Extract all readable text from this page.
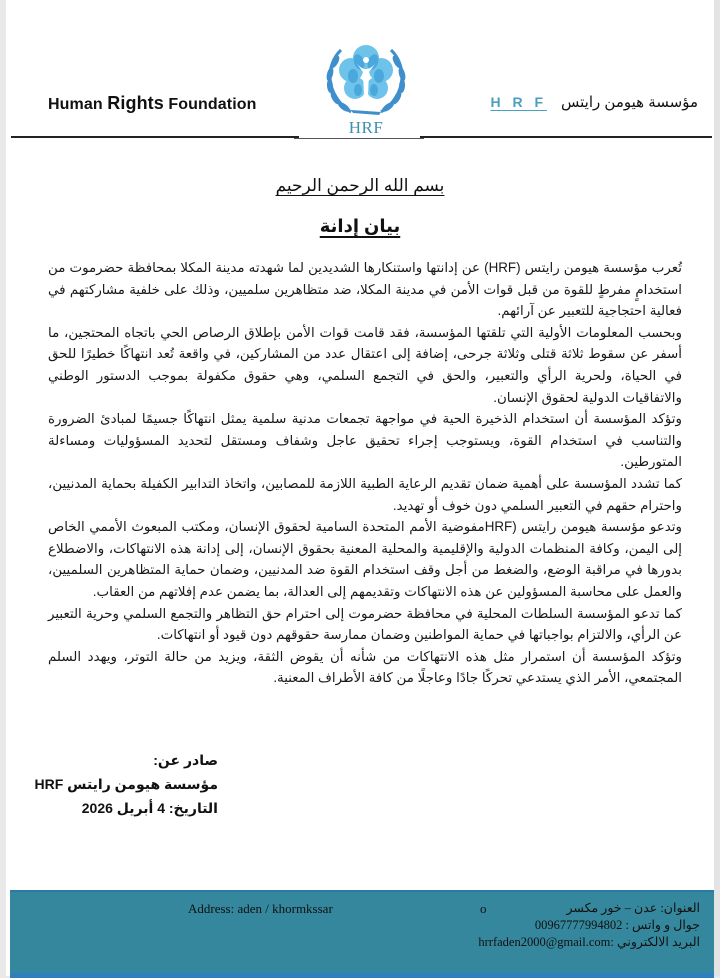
Human Rights Foundation
HRF
مؤسسة هيومن رايتس
H R F
بسم الله الرحمن الرحيم
بيان إدانة

تُعرب مؤسسة هيومن رايتس (HRF) عن إدانتها واستنكارها الشديدين لما شهدته مدينة المكلا بمحافظة حضرموت من استخدامٍ مفرطٍ للقوة من قبل قوات الأمن في مدينة المكلا، ضد متظاهرين سلميين، وذلك على خلفية مشاركتهم في فعالية احتجاجية للتعبير عن آرائهم.

وبحسب المعلومات الأولية التي تلقتها المؤسسة، فقد قامت قوات الأمن بإطلاق الرصاص الحي باتجاه المحتجين، ما أسفر عن سقوط ثلاثة قتلى وثلاثة جرحى، إضافة إلى اعتقال عدد من المشاركين، في واقعة تُعد انتهاكًا خطيرًا للحق في الحياة، ولحرية الرأي والتعبير، والحق في التجمع السلمي، وهي حقوق مكفولة بموجب الدستور الوطني والاتفاقيات الدولية لحقوق الإنسان.

وتؤكد المؤسسة أن استخدام الذخيرة الحية في مواجهة تجمعات مدنية سلمية يمثل انتهاكًا جسيمًا لمبادئ الضرورة والتناسب في استخدام القوة، ويستوجب إجراء تحقيق عاجل وشفاف ومستقل لتحديد المسؤوليات ومساءلة المتورطين.

كما تشدد المؤسسة على أهمية ضمان تقديم الرعاية الطبية اللازمة للمصابين، واتخاذ التدابير الكفيلة بحماية المدنيين، واحترام حقهم في التعبير السلمي دون خوف أو تهديد.

وتدعو مؤسسة هيومن رايتس (HRFمفوضية الأمم المتحدة السامية لحقوق الإنسان، ومكتب المبعوث الأممي الخاص إلى اليمن، وكافة المنظمات الدولية والإقليمية والمحلية المعنية بحقوق الإنسان، إلى إدانة هذه الانتهاكات، والاضطلاع بدورها في مراقبة الوضع، والضغط من أجل وقف استخدام القوة ضد المدنيين، وضمان حماية المتظاهرين السلميين، والعمل على محاسبة المسؤولين عن هذه الانتهاكات وتقديمهم إلى العدالة، بما يضمن عدم إفلاتهم من العقاب.

كما تدعو المؤسسة السلطات المحلية في محافظة حضرموت إلى احترام حق التظاهر والتجمع السلمي وحرية التعبير عن الرأي، والالتزام بواجباتها في حماية المواطنين وضمان ممارسة حقوقهم دون قيود أو انتهاكات.

وتؤكد المؤسسة أن استمرار مثل هذه الانتهاكات من شأنه أن يقوض الثقة، ويزيد من حالة التوتر، ويهدد السلم المجتمعي، الأمر الذي يستدعي تحركًا جادًا وعاجلًا من كافة الأطراف المعنية.

صادر عن:
مؤسسة هيومن رايتس HRF
التاريخ: 4 أبريل 2026
Address: aden / khormkssar	o	العنوان: عدن – خور مكسر
جوال و واتس : 00967777994802
البريد الالكتروني :hrrfaden2000@gmail.com
